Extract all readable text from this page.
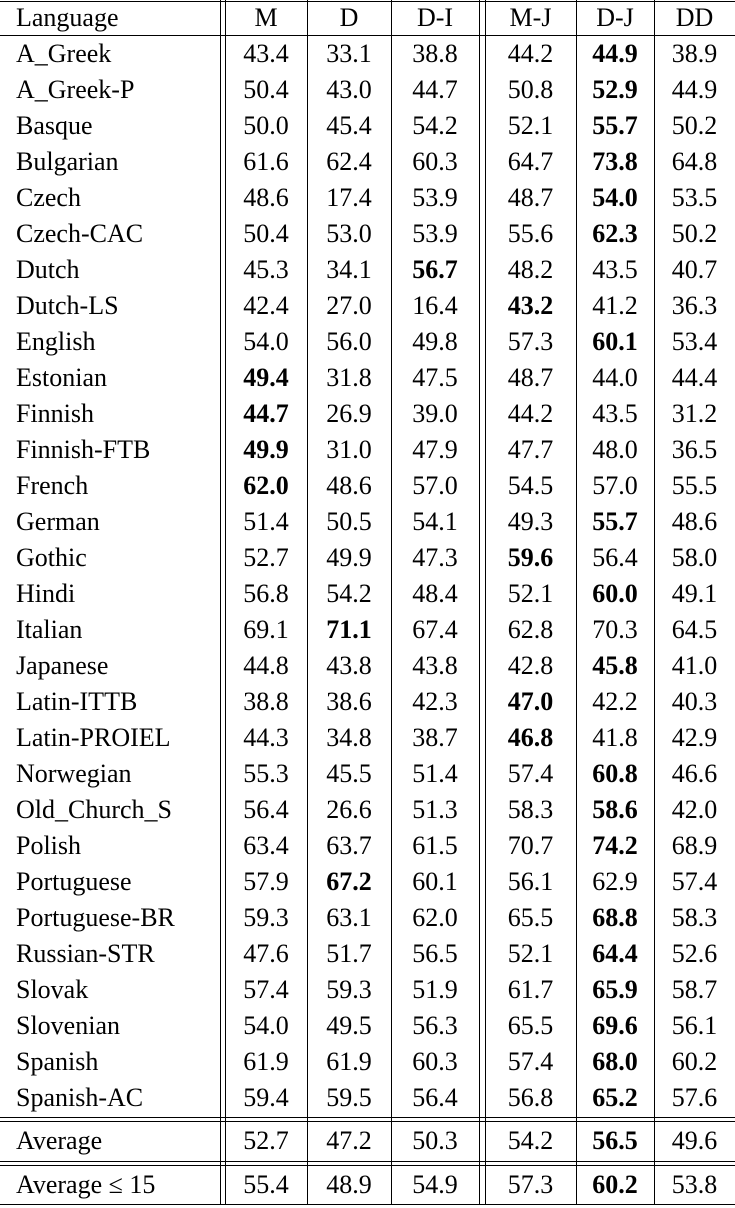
Language	M	D	D-I	M-J	D-J	DD
A_Greek	43.4	33.1	38.8	44.2	44.9	38.9
A_Greek-P	50.4	43.0	44.7	50.8	52.9	44.9
Basque	50.0	45.4	54.2	52.1	55.7	50.2
Bulgarian	61.6	62.4	60.3	64.7	73.8	64.8
Czech	48.6	17.4	53.9	48.7	54.0	53.5
Czech-CAC	50.4	53.0	53.9	55.6	62.3	50.2
Dutch	45.3	34.1	56.7	48.2	43.5	40.7
Dutch-LS	42.4	27.0	16.4	43.2	41.2	36.3
English	54.0	56.0	49.8	57.3	60.1	53.4
Estonian	49.4	31.8	47.5	48.7	44.0	44.4
Finnish	44.7	26.9	39.0	44.2	43.5	31.2
Finnish-FTB	49.9	31.0	47.9	47.7	48.0	36.5
French	62.0	48.6	57.0	54.5	57.0	55.5
German	51.4	50.5	54.1	49.3	55.7	48.6
Gothic	52.7	49.9	47.3	59.6	56.4	58.0
Hindi	56.8	54.2	48.4	52.1	60.0	49.1
Italian	69.1	71.1	67.4	62.8	70.3	64.5
Japanese	44.8	43.8	43.8	42.8	45.8	41.0
Latin-ITTB	38.8	38.6	42.3	47.0	42.2	40.3
Latin-PROIEL	44.3	34.8	38.7	46.8	41.8	42.9
Norwegian	55.3	45.5	51.4	57.4	60.8	46.6
Old_Church_S	56.4	26.6	51.3	58.3	58.6	42.0
Polish	63.4	63.7	61.5	70.7	74.2	68.9
Portuguese	57.9	67.2	60.1	56.1	62.9	57.4
Portuguese-BR	59.3	63.1	62.0	65.5	68.8	58.3
Russian-STR	47.6	51.7	56.5	52.1	64.4	52.6
Slovak	57.4	59.3	51.9	61.7	65.9	58.7
Slovenian	54.0	49.5	56.3	65.5	69.6	56.1
Spanish	61.9	61.9	60.3	57.4	68.0	60.2
Spanish-AC	59.4	59.5	56.4	56.8	65.2	57.6
Average	52.7	47.2	50.3	54.2	56.5	49.6
Average ≤ 15	55.4	48.9	54.9	57.3	60.2	53.8
